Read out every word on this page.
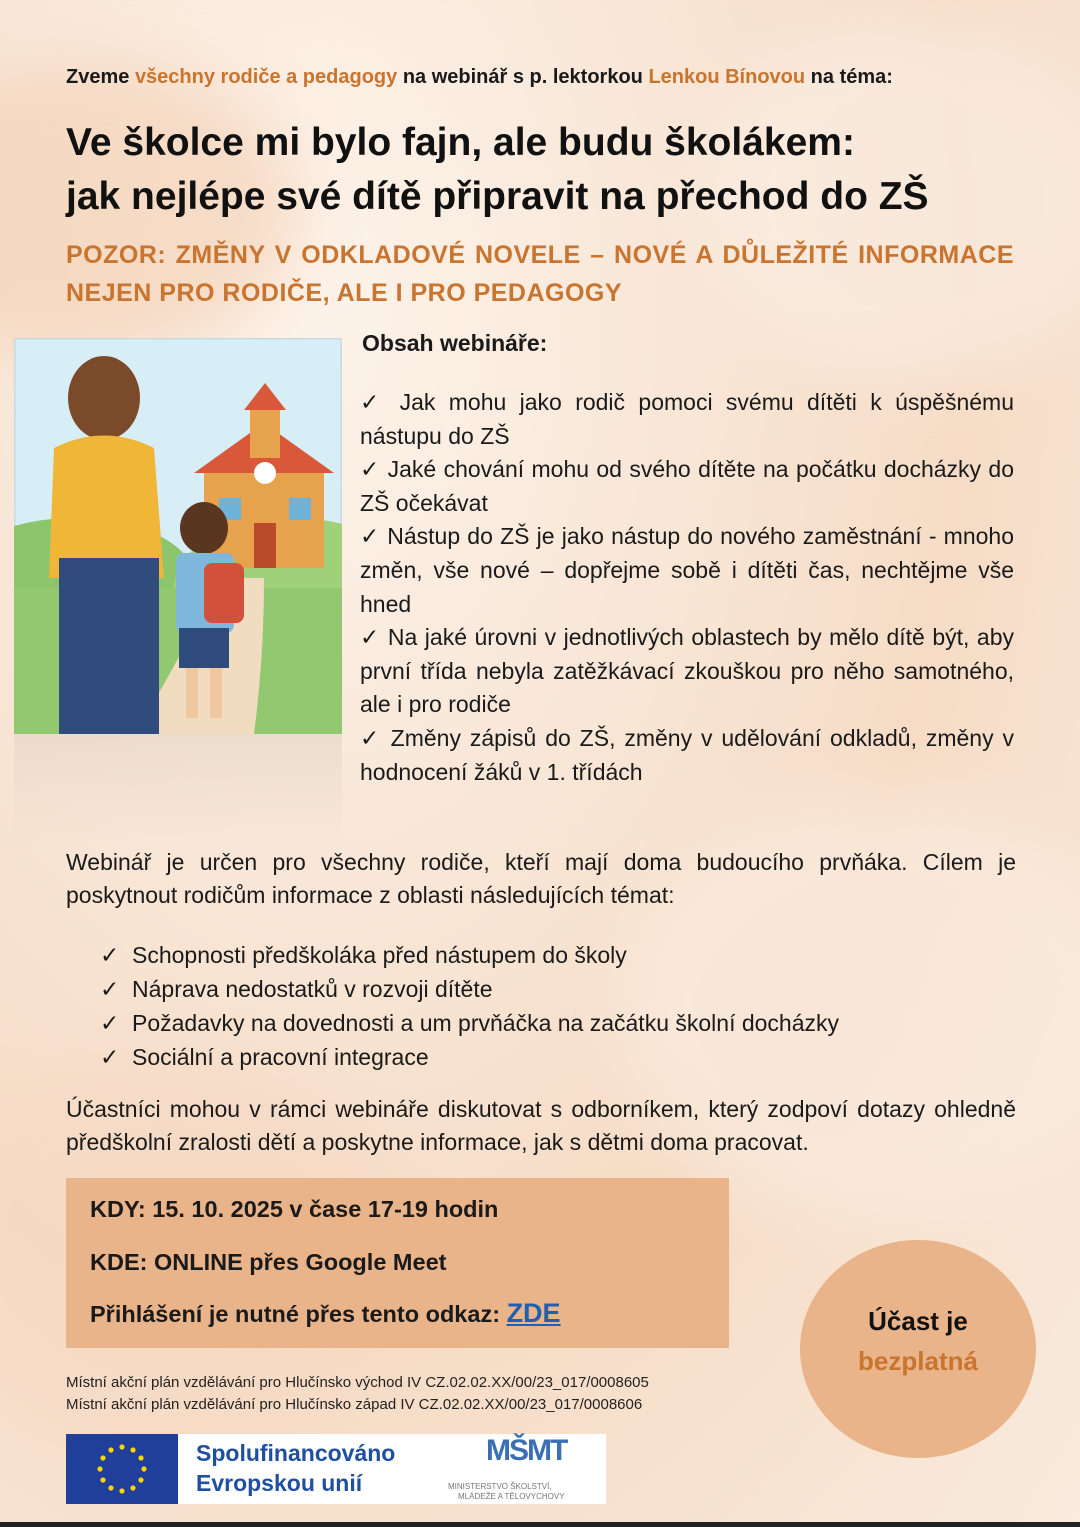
Zveme všechny rodiče a pedagogy na webinář s p. lektorkou Lenkou Bínovou na téma:
Ve školce mi bylo fajn, ale budu školákem:
jak nejlépe své dítě připravit na přechod do ZŠ
POZOR: ZMĚNY V ODKLADOVÉ NOVELE – NOVÉ A DŮLEŽITÉ INFORMACE NEJEN PRO RODIČE, ALE I PRO PEDAGOGY
Obsah webináře:

✓ Jak mohu jako rodič pomoci svému dítěti k úspěšnému nástupu do ZŠ

✓ Jaké chování mohu od svého dítěte na počátku docházky do ZŠ očekávat

✓ Nástup do ZŠ je jako nástup do nového zaměstnání - mnoho změn, vše nové – dopřejme sobě i dítěti čas, nechtějme vše hned

✓ Na jaké úrovni v jednotlivých oblastech by mělo dítě být, aby první třída nebyla zatěžkávací zkouškou pro něho samotného, ale i pro rodiče

✓ Změny zápisů do ZŠ, změny v udělování odkladů, změny v hodnocení žáků v 1. třídách

Webinář je určen pro všechny rodiče, kteří mají doma budoucího prvňáka. Cílem je poskytnout rodičům informace z oblasti následujících témat:
✓ Schopnosti předškoláka před nástupem do školy
✓ Náprava nedostatků v rozvoji dítěte
✓ Požadavky na dovednosti a um prvňáčka na začátku školní docházky
✓ Sociální a pracovní integrace
Účastníci mohou v rámci webináře diskutovat s odborníkem, který zodpoví dotazy ohledně předškolní zralosti dětí a poskytne informace, jak s dětmi doma pracovat.
KDY: 15. 10. 2025 v čase 17-19 hodin
KDE: ONLINE přes Google Meet
Přihlášení je nutné přes tento odkaz: ZDE	Účast je
bezplatná
Místní akční plán vzdělávání pro Hlučínsko východ IV CZ.02.02.XX/00/23_017/0008605
Místní akční plán vzdělávání pro Hlučínsko západ IV CZ.02.02.XX/00/23_017/0008606
Spolufinancováno
Evropskou unií
MŠMT
MINISTERSTVO ŠKOLSTVÍ,
MLÁDEŽE A TĚLOVÝCHOVY
